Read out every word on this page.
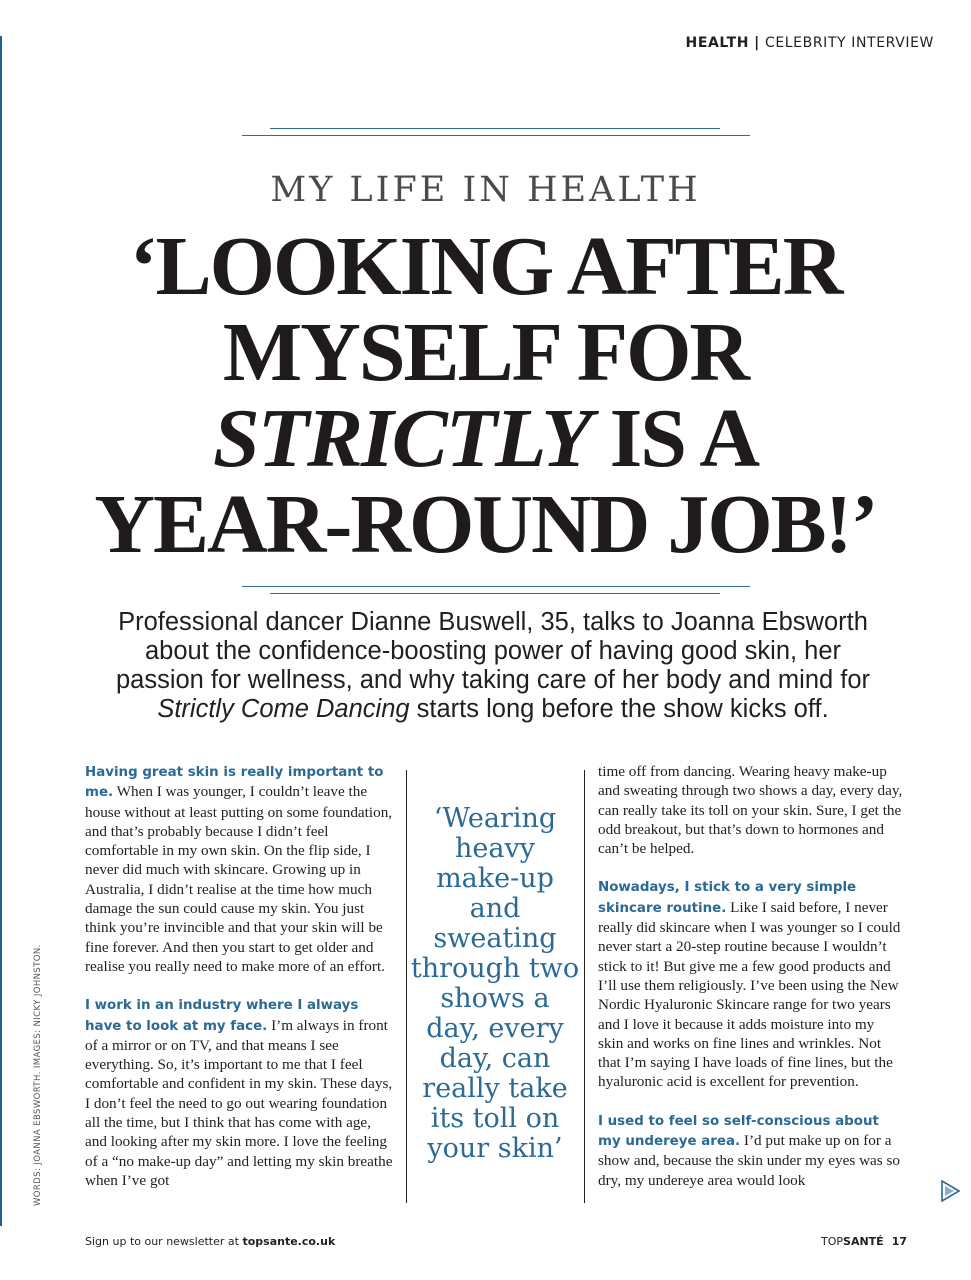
HEALTH | CELEBRITY INTERVIEW
MY LIFE IN HEALTH
‘LOOKING AFTER
MYSELF FOR
STRICTLY IS A
YEAR-ROUND JOB!’
Professional dancer Dianne Buswell, 35, talks to Joanna Ebsworth about the confidence-boosting power of having good skin, her passion for wellness, and why taking care of her body and mind for Strictly Come Dancing starts long before the show kicks off.

Having great skin is really important to me. When I was younger, I couldn’t leave the house without at least putting on some foundation, and that’s probably because I didn’t feel comfortable in my own skin. On the flip side, I never did much with skincare. Growing up in Australia, I didn’t realise at the time how much damage the sun could cause my skin. You just think you’re invincible and that your skin will be fine forever. And then you start to get older and realise you really need to make more of an effort.

I work in an industry where I always have to look at my face. I’m always in front of a mirror or on TV, and that means I see everything. So, it’s important to me that I feel comfortable and confident in my skin. These days, I don’t feel the need to go out wearing foundation all the time, but I think that has come with age, and looking after my skin more. I love the feeling of a “no make-up day” and letting my skin breathe when I’ve got

‘Wearing heavy make-up and sweating through two shows a day, every day, can really take its toll on your skin’

time off from dancing. Wearing heavy make-up and sweating through two shows a day, every day, can really take its toll on your skin. Sure, I get the odd breakout, but that’s down to hormones and can’t be helped.

Nowadays, I stick to a very simple skincare routine. Like I said before, I never really did skincare when I was younger so I could never start a 20-step routine because I wouldn’t stick to it! But give me a few good products and I’ll use them religiously. I’ve been using the New Nordic Hyaluronic Skincare range for two years and I love it because it adds moisture into my skin and works on fine lines and wrinkles. Not that I’m saying I have loads of fine lines, but the hyaluronic acid is excellent for prevention.

I used to feel so self-conscious about my undereye area. I’d put make up on for a show and, because the skin under my eyes was so dry, my undereye area would look

WORDS: JOANNA EBSWORTH. IMAGES: NICKY JOHNSTON.
Sign up to our newsletter at topsante.co.uk	TOPSANTÉ 17
